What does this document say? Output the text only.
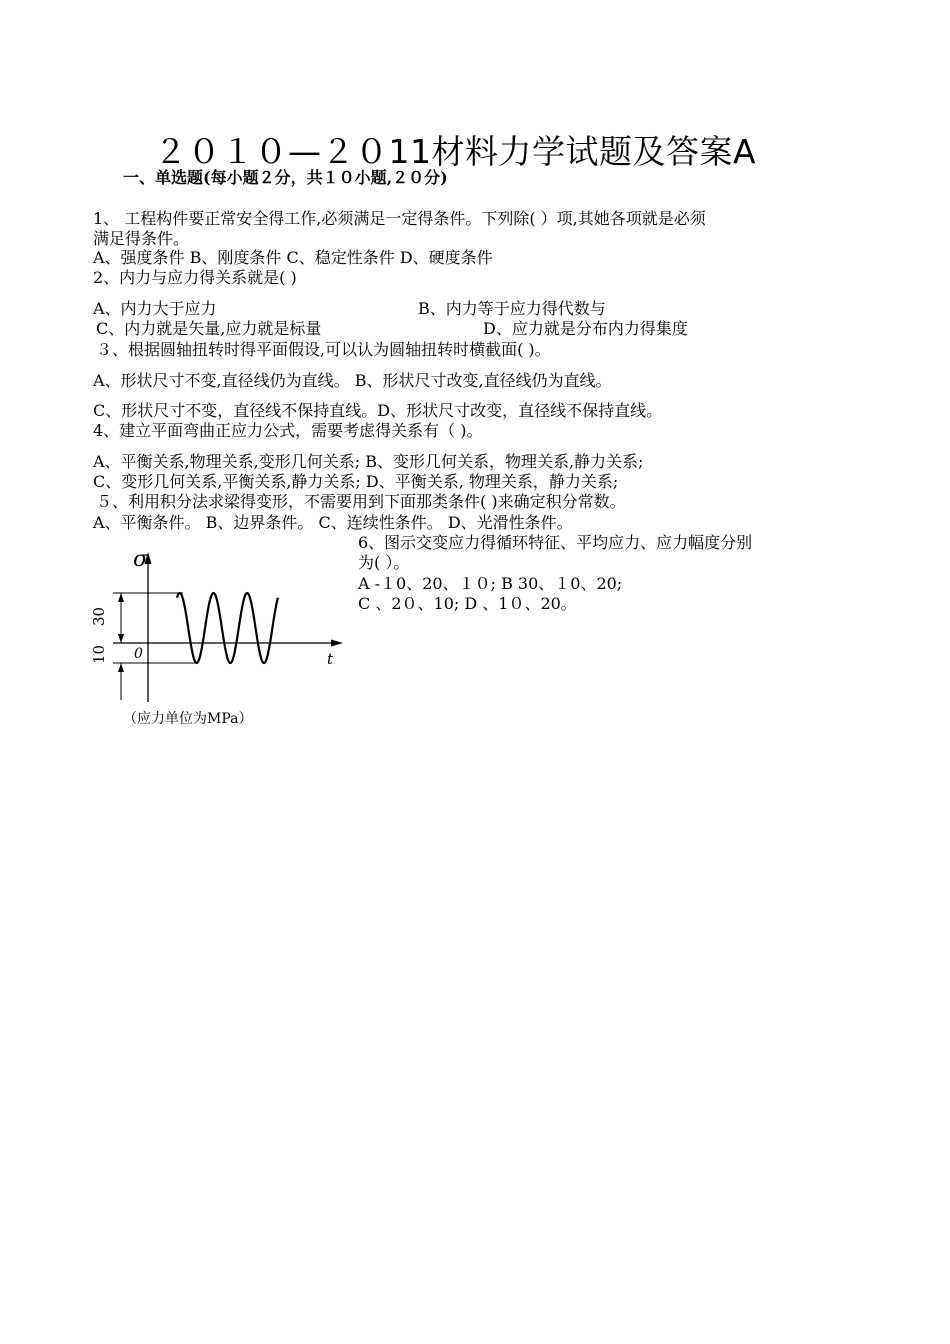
２０１０—２０11材料力学试题及答案A
一、单选题(每小题２分，共１０小题,２０分)
1、 工程构件要正常安全得工作,必须满足一定得条件。下列除( ）项,其她各项就是必须
满足得条件。
A、强度条件 B、刚度条件 C、稳定性条件 D、硬度条件
2、内力与应力得关系就是( )
A、内力大于应力	B、内力等于应力得代数与
C、内力就是矢量,应力就是标量	D、应力就是分布内力得集度
３、根据圆轴扭转时得平面假设,可以认为圆轴扭转时横截面( )。
A、形状尺寸不变,直径线仍为直线。 B、形状尺寸改变,直径线仍为直线。
C、形状尺寸不变，直径线不保持直线。D、形状尺寸改变，直径线不保持直线。
4、建立平面弯曲正应力公式，需要考虑得关系有（ )。
A、平衡关系,物理关系,变形几何关系; B、变形几何关系，物理关系,静力关系;
C、变形几何关系,平衡关系,静力关系; D、平衡关系, 物理关系，静力关系;
５、利用积分法求梁得变形，不需要用到下面那类条件( )来确定积分常数。
A、平衡条件。 B、边界条件。 C、连续性条件。 D、光滑性条件。
6、图示交变应力得循环特征、平均应力、应力幅度分别
为( ）。
A -１0、20、１０; B 30、１0、20;
C 、2０、10; D 、1０、20。
σ
t
0
30
10
（应力单位为MPa）
